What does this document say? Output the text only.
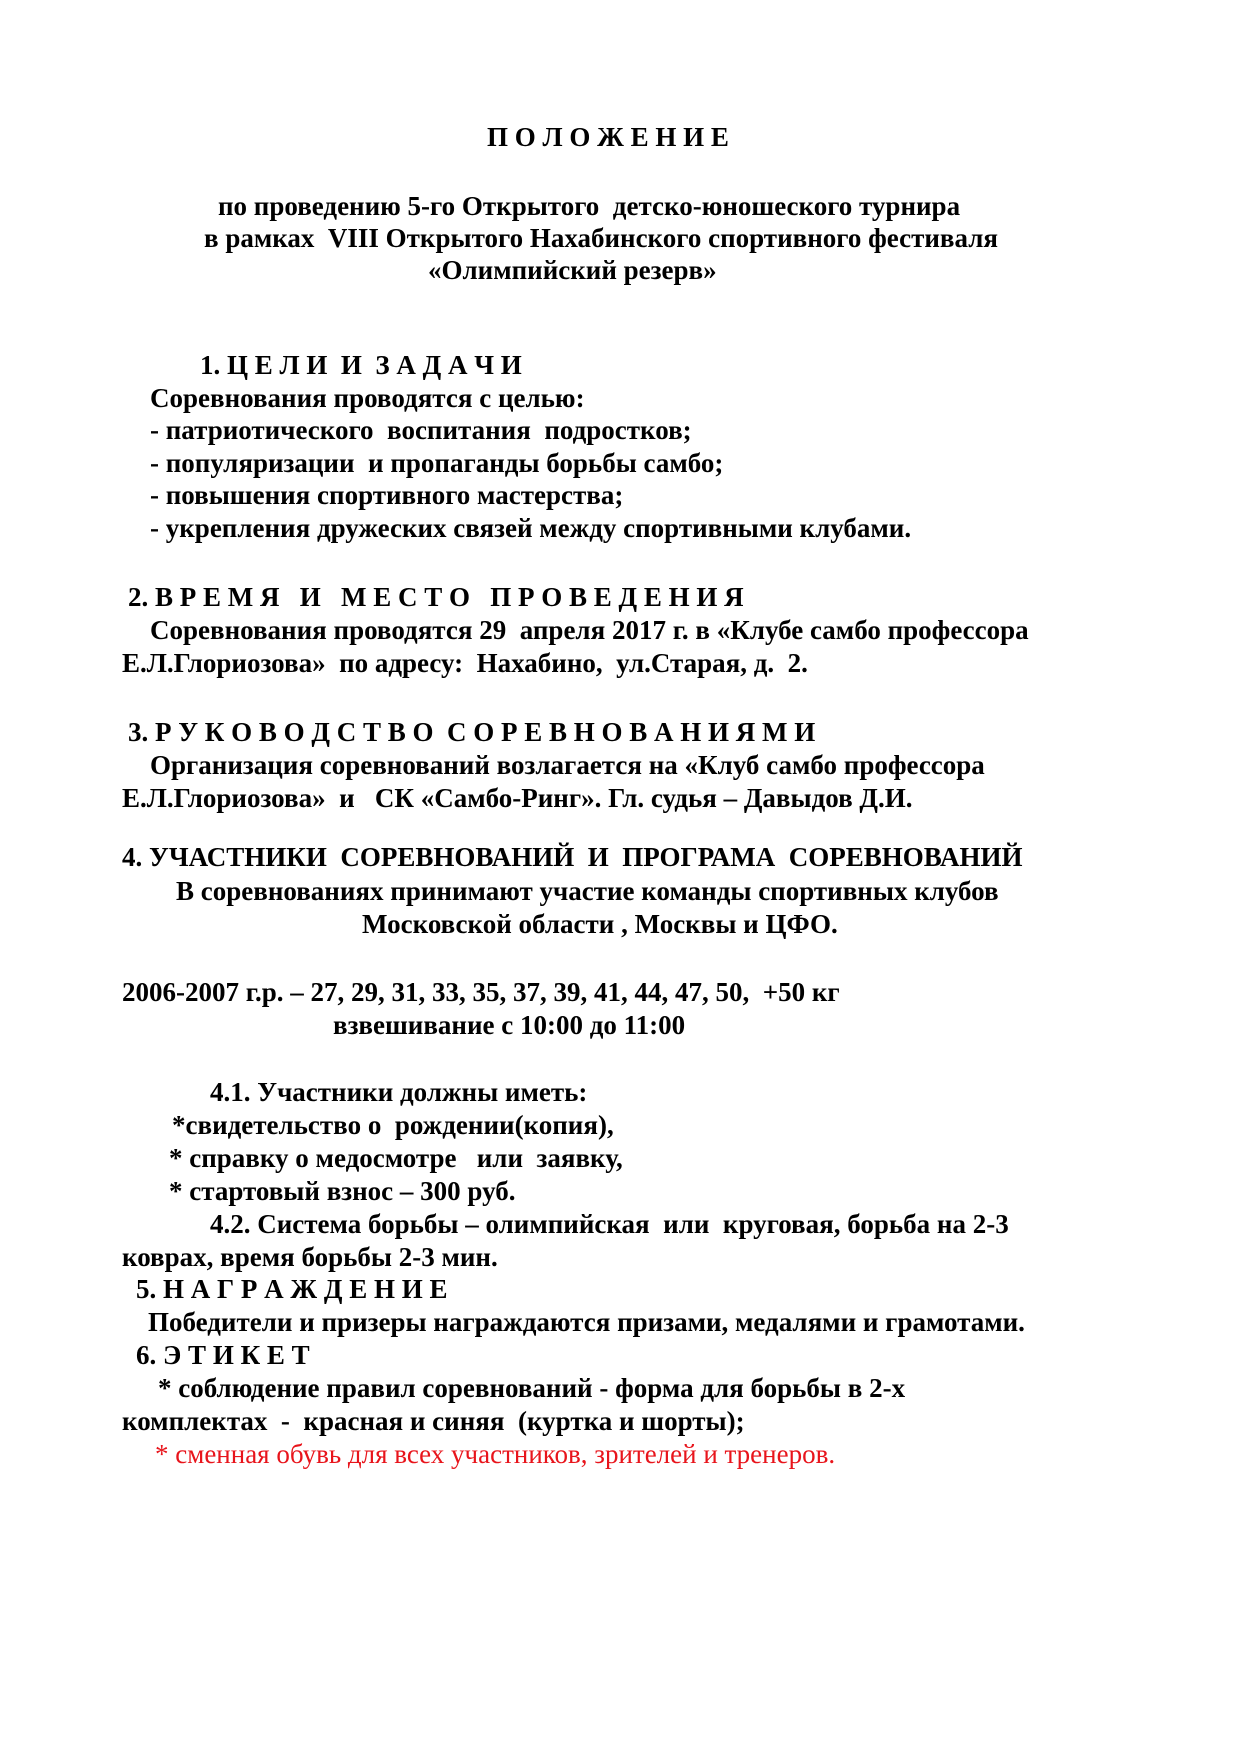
П О Л О Ж Е Н И Е
по проведению 5-го Открытого  детско-юношеского турнира
в рамках  VIII Открытого Нахабинского спортивного фестиваля
«Олимпийский резерв»
1. Ц Е Л И  И  З А Д А Ч И
Соревнования проводятся с целью:
- патриотического  воспитания  подростков;
- популяризации  и пропаганды борьбы самбо;
- повышения спортивного мастерства;
- укрепления дружеских связей между спортивными клубами.
2. В Р Е М Я   И   М Е С Т О   П Р О В Е Д Е Н И Я
Соревнования проводятся 29  апреля 2017 г. в «Клубе самбо профессора
Е.Л.Глориозова»  по адресу:  Нахабино,  ул.Старая, д.  2.
3. Р У К О В О Д С Т В О  С О Р Е В Н О В А Н И Я М И
Организация соревнований возлагается на «Клуб самбо профессора
Е.Л.Глориозова»  и   СК «Самбо-Ринг». Гл. судья – Давыдов Д.И.
4. УЧАСТНИКИ  СОРЕВНОВАНИЙ  И  ПРОГРАМА  СОРЕВНОВАНИЙ
В соревнованиях принимают участие команды спортивных клубов
Московской области , Москвы и ЦФО.
2006-2007 г.р. – 27, 29, 31, 33, 35, 37, 39, 41, 44, 47, 50,  +50 кг
взвешивание с 10:00 до 11:00
4.1. Участники должны иметь:
*свидетельство о  рождении(копия),
* справку о медосмотре   или  заявку,
* стартовый взнос – 300 руб.
4.2. Система борьбы – олимпийская  или  круговая, борьба на 2-3
коврах, время борьбы 2-3 мин.
5. Н А Г Р А Ж Д Е Н И Е
Победители и призеры награждаются призами, медалями и грамотами.
6. Э Т И К Е Т
* соблюдение правил соревнований - форма для борьбы в 2-х
комплектах  -  красная и синяя  (куртка и шорты);
* сменная обувь для всех участников, зрителей и тренеров.
